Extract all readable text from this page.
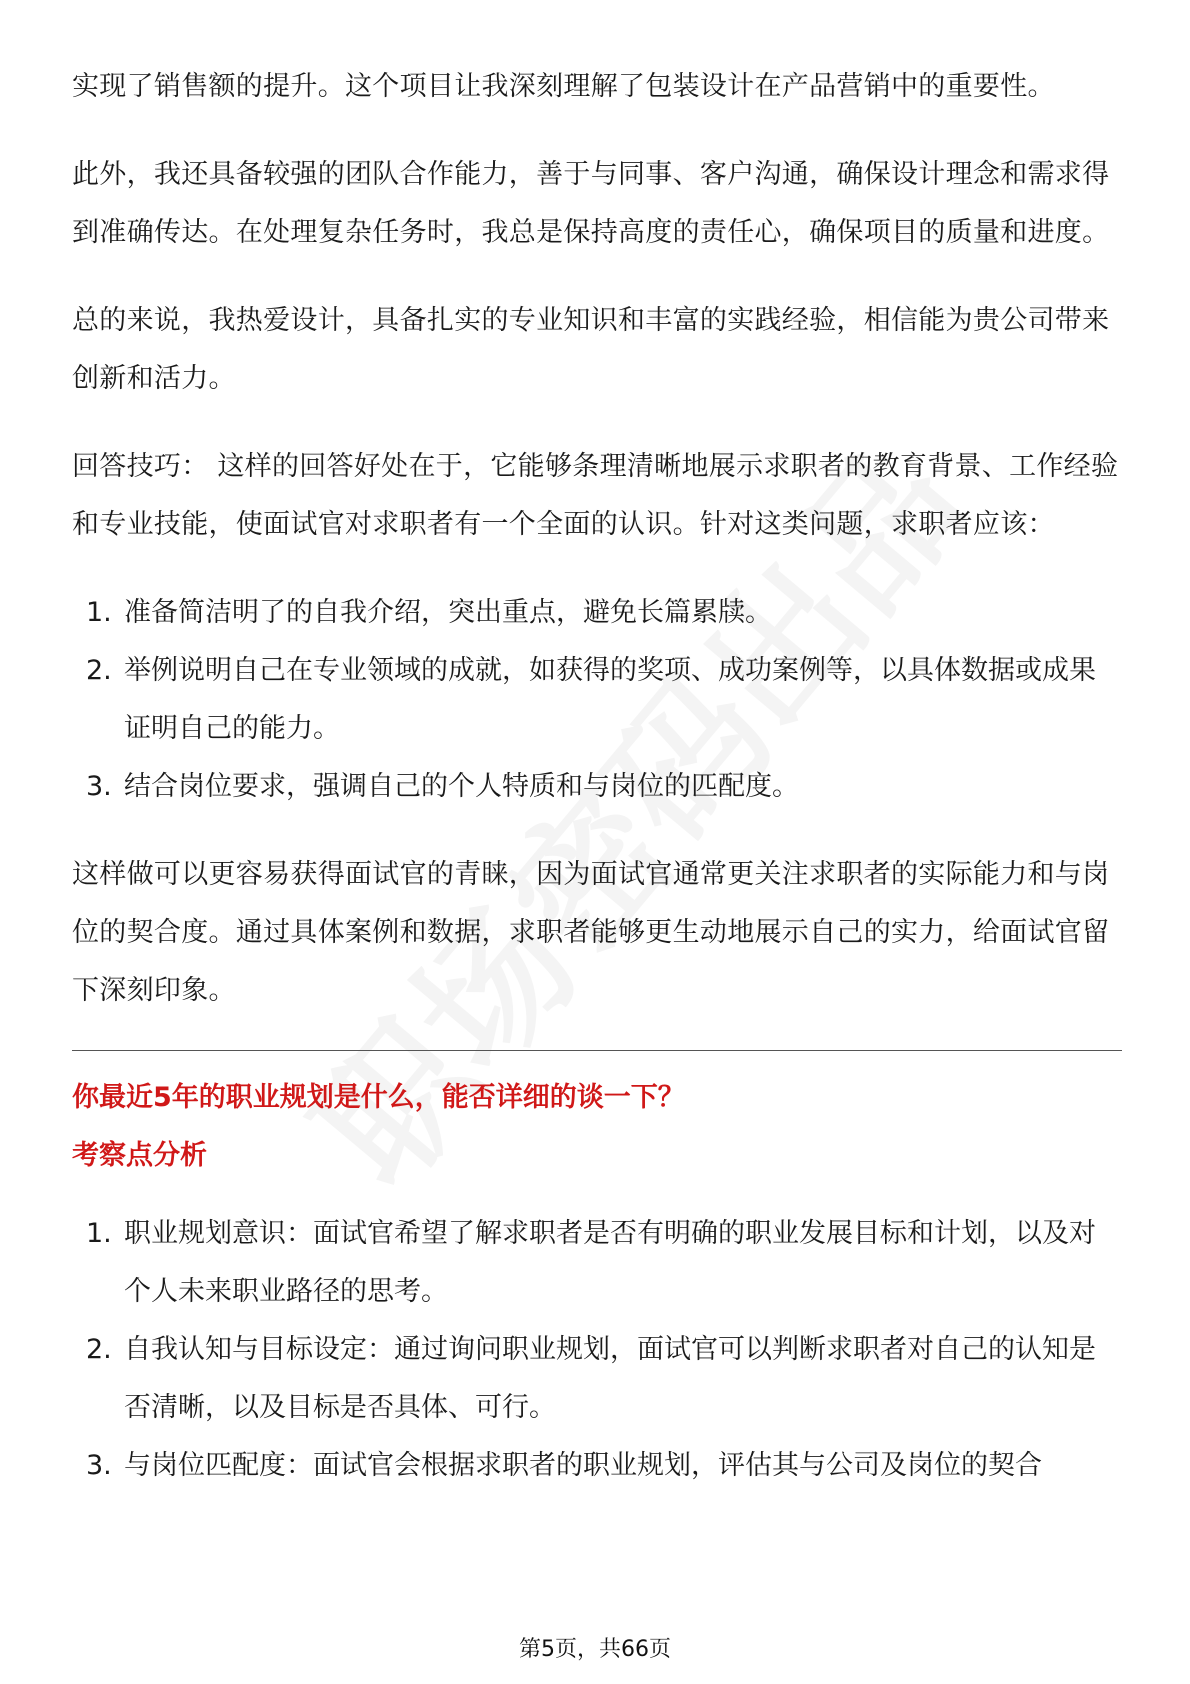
实现了销售额的提升。这个项目让我深刻理解了包装设计在产品营销中的重要性。

此外，我还具备较强的团队合作能力，善于与同事、客户沟通，确保设计理念和需求得到准确传达。在处理复杂任务时，我总是保持高度的责任心，确保项目的质量和进度。

总的来说，我热爱设计，具备扎实的专业知识和丰富的实践经验，相信能为贵公司带来创新和活力。

回答技巧： 这样的回答好处在于，它能够条理清晰地展示求职者的教育背景、工作经验和专业技能，使面试官对求职者有一个全面的认识。针对这类问题，求职者应该：

1. 准备简洁明了的自我介绍，突出重点，避免长篇累牍。
2. 举例说明自己在专业领域的成就，如获得的奖项、成功案例等，以具体数据或成果证明自己的能力。
3. 结合岗位要求，强调自己的个人特质和与岗位的匹配度。

这样做可以更容易获得面试官的青睐，因为面试官通常更关注求职者的实际能力和与岗位的契合度。通过具体案例和数据，求职者能够更生动地展示自己的实力，给面试官留下深刻印象。

你最近5年的职业规划是什么，能否详细的谈一下？
考察点分析
1. 职业规划意识：面试官希望了解求职者是否有明确的职业发展目标和计划，以及对个人未来职业路径的思考。
2. 自我认知与目标设定：通过询问职业规划，面试官可以判断求职者对自己的认知是否清晰，以及目标是否具体、可行。
3. 与岗位匹配度：面试官会根据求职者的职业规划，评估其与公司及岗位的契合
第5页，共66页
